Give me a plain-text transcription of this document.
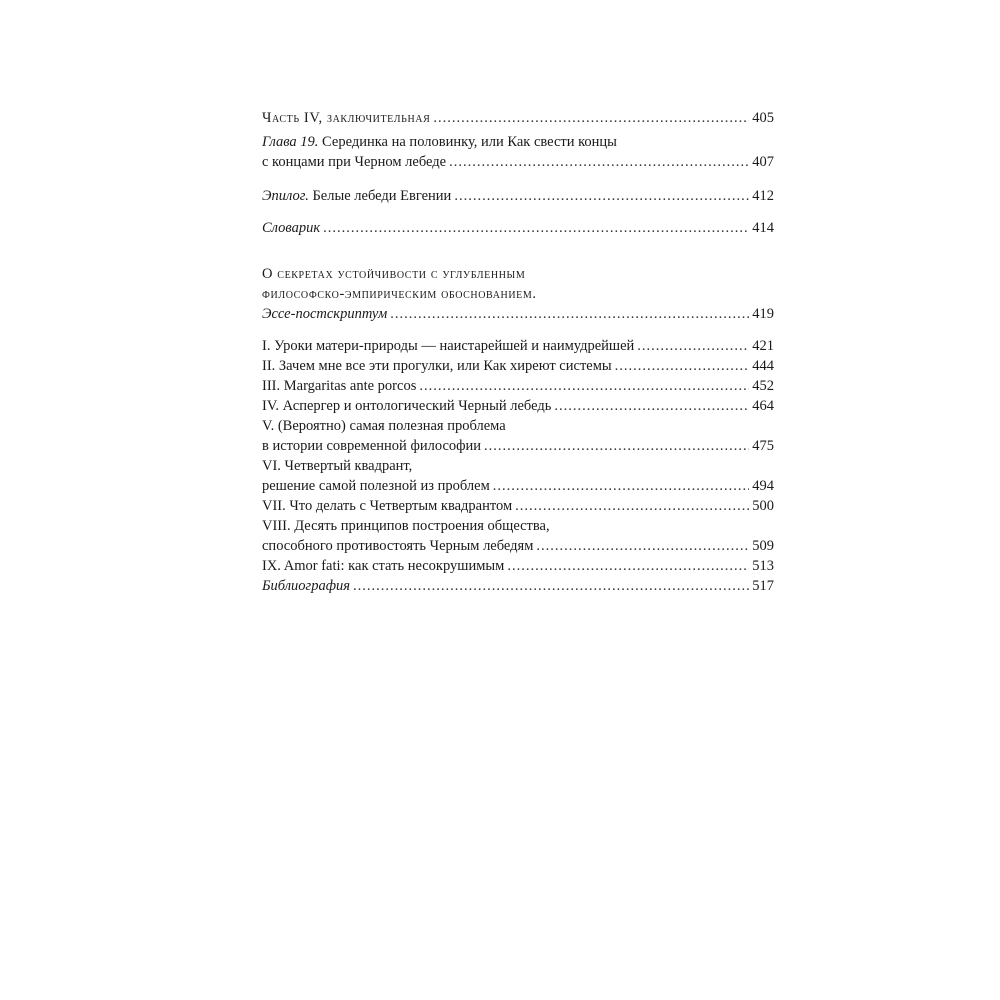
Часть IV, заключительная .....	405
Глава 19. Серединка на половинку, или Как свести концы
с концами при Черном лебеде .....	407
Эпилог. Белые лебеди Евгении .....	412
Словарик .....	414
О секретах устойчивости с углубленным
философско-эмпирическим обоснованием.
Эссе-постскриптум .....	419
I. Уроки матери-природы — наистарейшей и наимудрейшей .....	421
II. Зачем мне все эти прогулки, или Как хиреют системы .....	444
III. Margaritas ante porcos .....	452
IV. Аспергер и онтологический Черный лебедь .....	464
V. (Вероятно) самая полезная проблема
в истории современной философии .....	475
VI. Четвертый квадрант,
решение самой полезной из проблем .....	494
VII. Что делать с Четвертым квадрантом .....	500
VIII. Десять принципов построения общества,
способного противостоять Черным лебедям .....	509
IX. Amor fati: как стать несокрушимым .....	513
Библиография .....	517
